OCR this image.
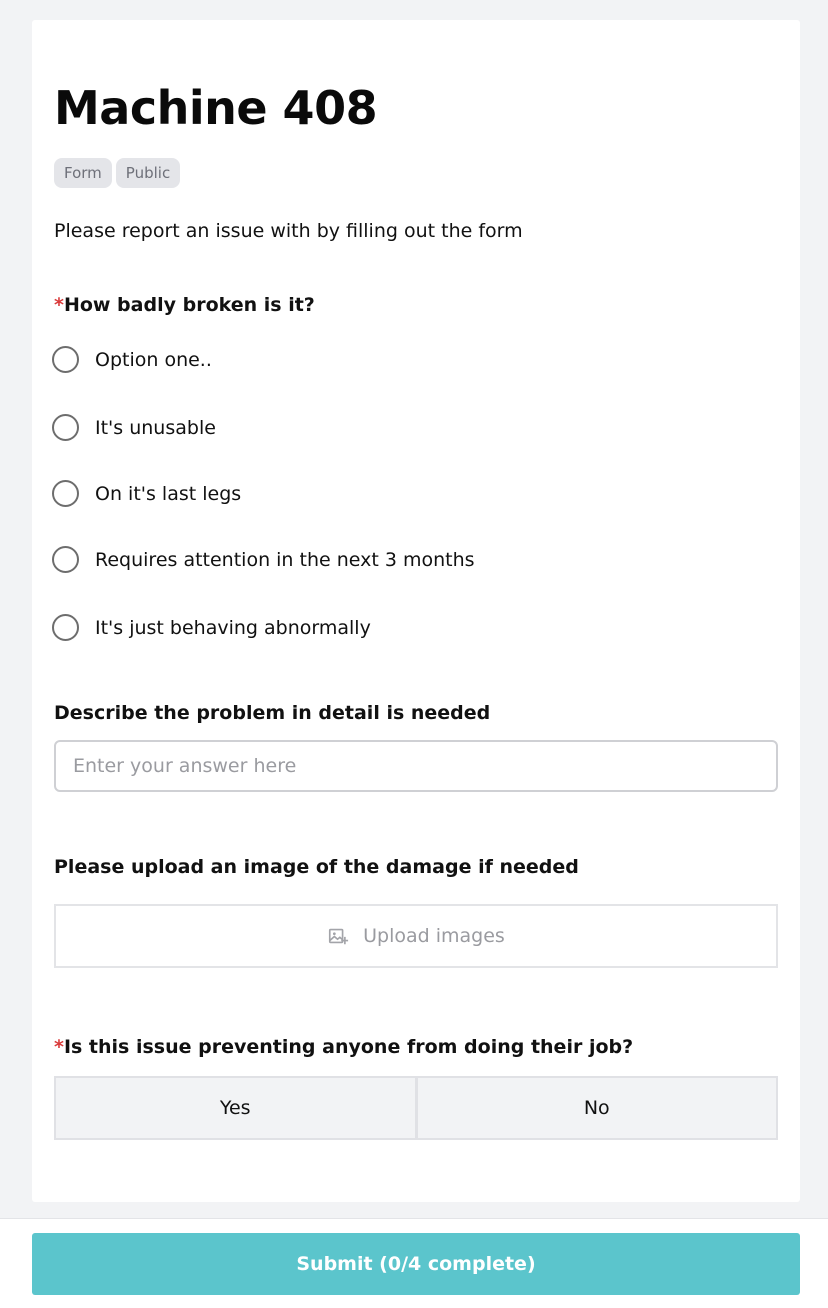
Machine 408
Form	Public

Please report an issue with by filling out the form

*How badly broken is it?
Option one..
It's unusable
On it's last legs
Requires attention in the next 3 months
It's just behaving abnormally
Describe the problem in detail is needed
Enter your answer here
Please upload an image of the damage if needed
Upload images
*Is this issue preventing anyone from doing their job?
Yes	No
Submit (0/4 complete)
